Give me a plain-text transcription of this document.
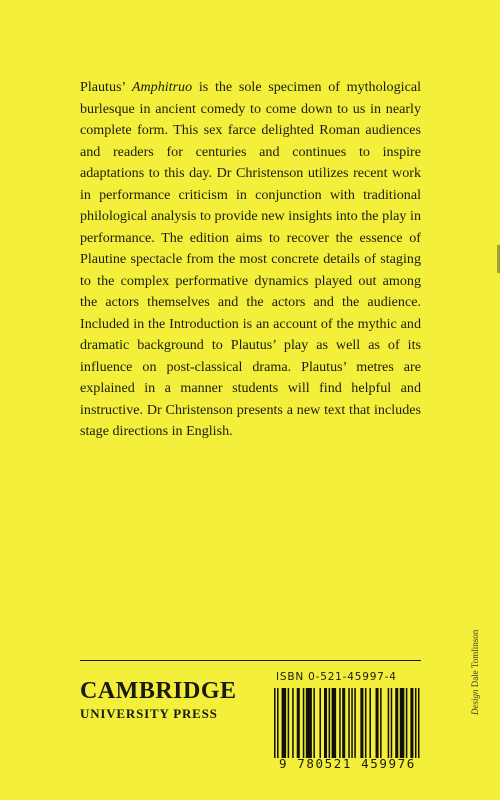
Plautus’ Amphitruo is the sole specimen of mythological burlesque in ancient comedy to come down to us in nearly complete form. This sex farce delighted Roman audiences and readers for centuries and continues to inspire adaptations to this day. Dr Christenson utilizes recent work in performance criticism in conjunction with traditional philological analysis to provide new insights into the play in performance. The edition aims to recover the essence of Plautine spectacle from the most concrete details of staging to the complex performative dynamics played out among the actors themselves and the actors and the audience. Included in the Introduction is an account of the mythic and dramatic background to Plautus’ play as well as of its influence on post-classical drama. Plautus’ metres are explained in a manner students will find helpful and instructive. Dr Christenson presents a new text that includes stage directions in English.

Design Dale Tomlinson
CAMBRIDGE
UNIVERSITY PRESS
ISBN 0-521-45997-4
9 780521 459976
